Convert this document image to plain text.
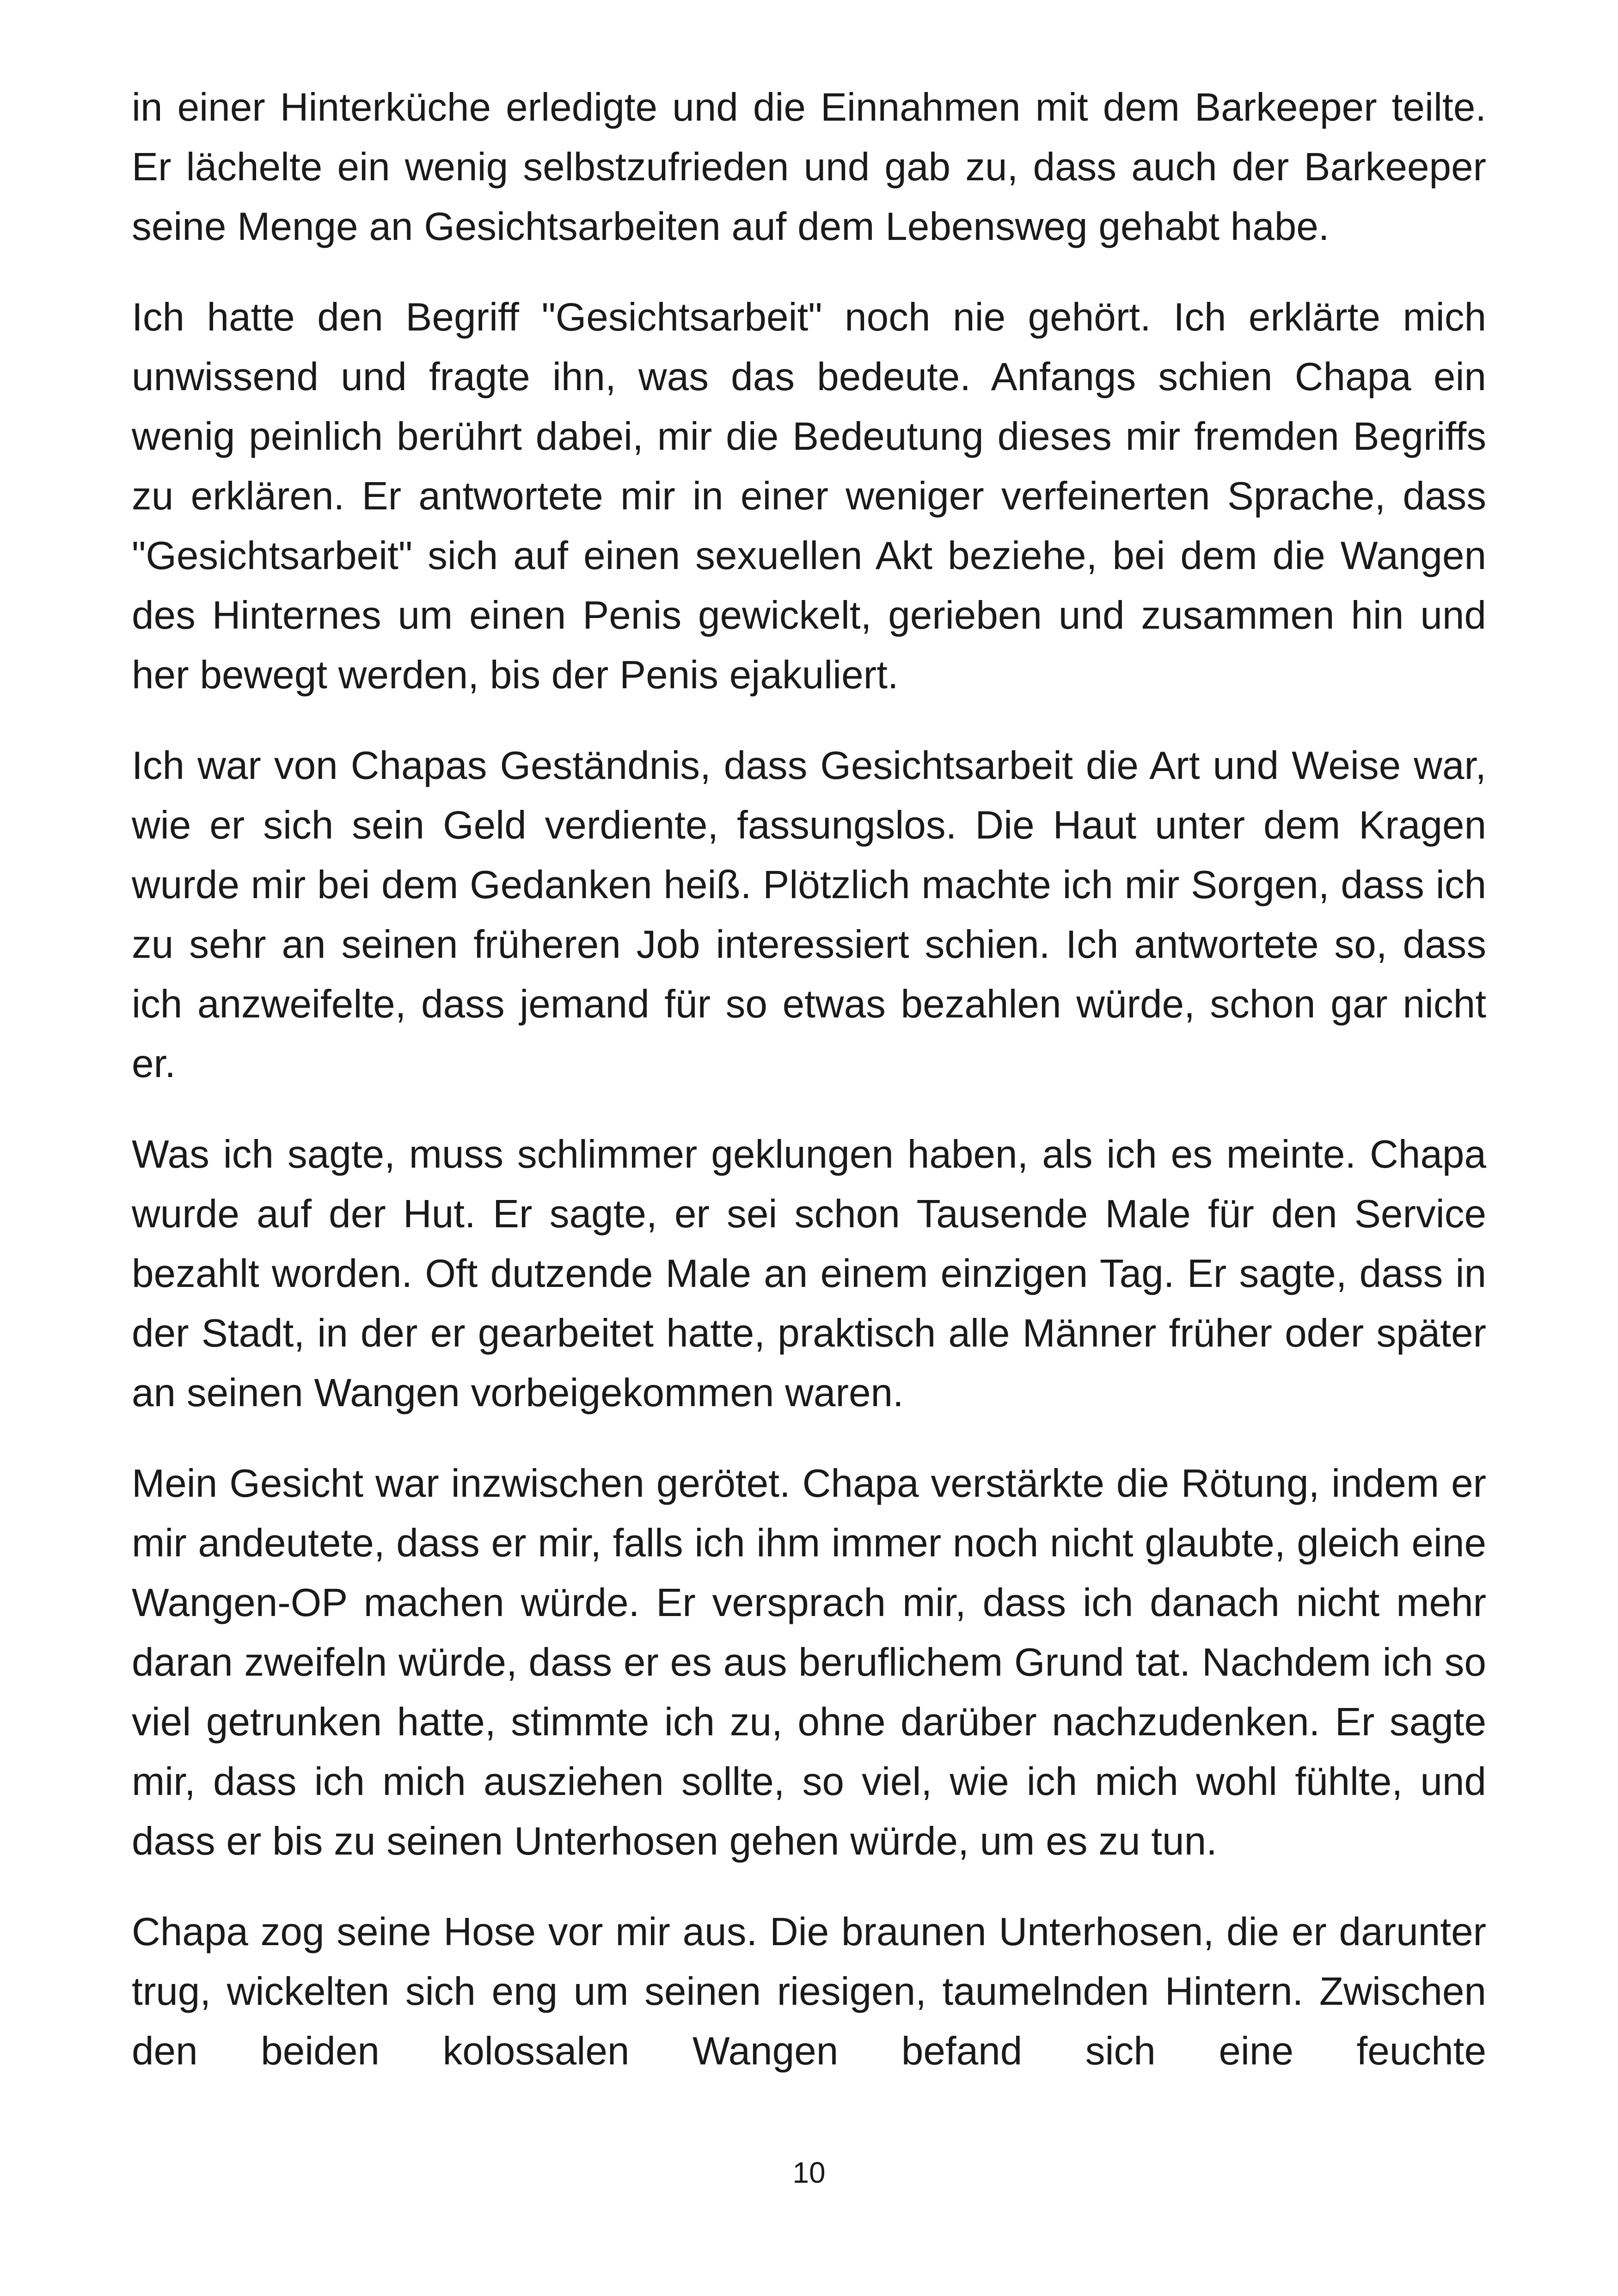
in einer Hinterküche erledigte und die Einnahmen mit dem Barkeeper teilte. Er lächelte ein wenig selbstzufrieden und gab zu, dass auch der Barkeeper seine Menge an Gesichtsarbeiten auf dem Lebensweg gehabt habe.

Ich hatte den Begriff "Gesichtsarbeit" noch nie gehört. Ich erklärte mich unwissend und fragte ihn, was das bedeute. Anfangs schien Chapa ein wenig peinlich berührt dabei, mir die Bedeutung dieses mir fremden Begriffs zu erklären. Er antwortete mir in einer weniger verfeinerten Sprache, dass "Gesichtsarbeit" sich auf einen sexuellen Akt beziehe, bei dem die Wangen des Hinternes um einen Penis gewickelt, gerieben und zusammen hin und her bewegt werden, bis der Penis ejakuliert.

Ich war von Chapas Geständnis, dass Gesichtsarbeit die Art und Weise war, wie er sich sein Geld verdiente, fassungslos. Die Haut unter dem Kragen wurde mir bei dem Gedanken heiß. Plötzlich machte ich mir Sorgen, dass ich zu sehr an seinen früheren Job interessiert schien. Ich antwortete so, dass ich anzweifelte, dass jemand für so etwas bezahlen würde, schon gar nicht er.

Was ich sagte, muss schlimmer geklungen haben, als ich es meinte. Chapa wurde auf der Hut. Er sagte, er sei schon Tausende Male für den Service bezahlt worden. Oft dutzende Male an einem einzigen Tag. Er sagte, dass in der Stadt, in der er gearbeitet hatte, praktisch alle Männer früher oder später an seinen Wangen vorbeigekommen waren.

Mein Gesicht war inzwischen gerötet. Chapa verstärkte die Rötung, indem er mir andeutete, dass er mir, falls ich ihm immer noch nicht glaubte, gleich eine Wangen-OP machen würde. Er versprach mir, dass ich danach nicht mehr daran zweifeln würde, dass er es aus beruflichem Grund tat. Nachdem ich so viel getrunken hatte, stimmte ich zu, ohne darüber nachzudenken. Er sagte mir, dass ich mich ausziehen sollte, so viel, wie ich mich wohl fühlte, und dass er bis zu seinen Unterhosen gehen würde, um es zu tun.

Chapa zog seine Hose vor mir aus. Die braunen Unterhosen, die er darunter trug, wickelten sich eng um seinen riesigen, taumelnden Hintern. Zwischen den beiden kolossalen Wangen befand sich eine feuchte

10
